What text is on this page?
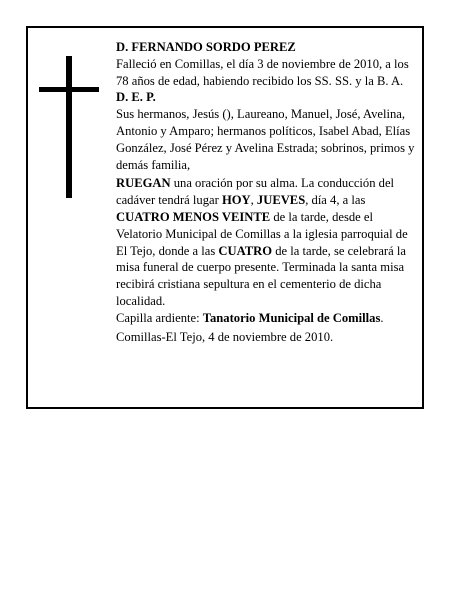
D. FERNANDO SORDO PEREZ

Falleció en Comillas, el día 3 de noviembre de 2010, a los 78 años de edad, habiendo recibido los SS. SS. y la B. A.

D. E. P.

Sus hermanos, Jesús (), Laureano, Manuel, José, Avelina, Antonio y Amparo; hermanos políticos, Isabel Abad, Elías González, José Pérez y Avelina Estrada; sobrinos, primos y demás familia,

RUEGAN una oración por su alma. La conducción del cadáver tendrá lugar HOY, JUEVES, día 4, a las CUATRO MENOS VEINTE de la tarde, desde el Velatorio Municipal de Comillas a la iglesia parroquial de El Tejo, donde a las CUATRO de la tarde, se celebrará la misa funeral de cuerpo presente. Terminada la santa misa recibirá cristiana sepultura en el cementerio de dicha localidad.

Capilla ardiente: Tanatorio Municipal de Comillas.

Comillas-El Tejo, 4 de noviembre de 2010.
